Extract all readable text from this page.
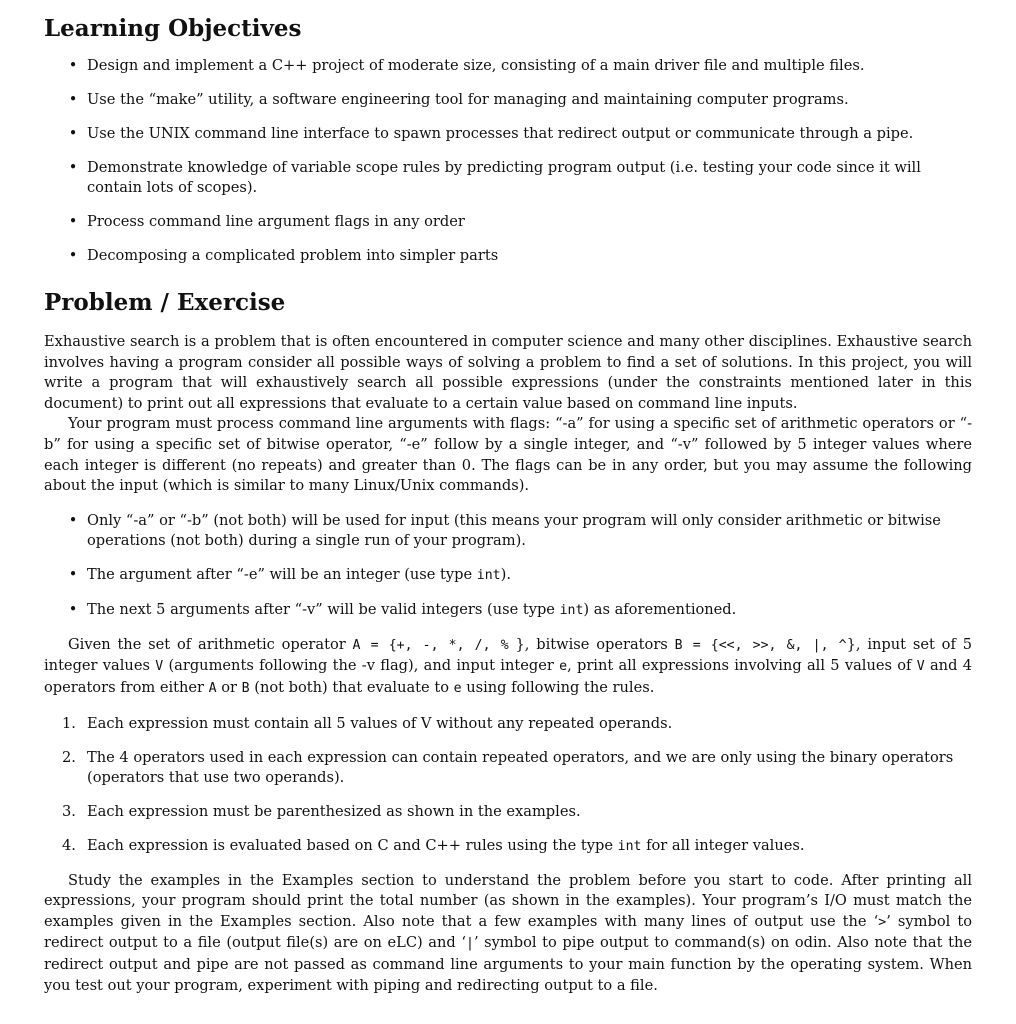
Learning Objectives
• Design and implement a C++ project of moderate size, consisting of a main driver file and multiple files.
• Use the “make” utility, a software engineering tool for managing and maintaining computer programs.
• Use the UNIX command line interface to spawn processes that redirect output or communicate through a pipe.
• Demonstrate knowledge of variable scope rules by predicting program output (i.e. testing your code since it will contain lots of scopes).
• Process command line argument flags in any order
• Decomposing a complicated problem into simpler parts
Problem / Exercise

Exhaustive search is a problem that is often encountered in computer science and many other disciplines. Exhaustive search involves having a program consider all possible ways of solving a problem to find a set of solutions. In this project, you will write a program that will exhaustively search all possible expressions (under the constraints mentioned later in this document) to print out all expressions that evaluate to a certain value based on command line inputs.

Your program must process command line arguments with flags: “-a” for using a specific set of arithmetic operators or “-b” for using a specific set of bitwise operator, “-e” follow by a single integer, and “-v” followed by 5 integer values where each integer is different (no repeats) and greater than 0. The flags can be in any order, but you may assume the following about the input (which is similar to many Linux/Unix commands).

• Only “-a” or “-b” (not both) will be used for input (this means your program will only consider arithmetic or bitwise operations (not both) during a single run of your program).
• The argument after “-e” will be an integer (use type int).
• The next 5 arguments after “-v” will be valid integers (use type int) as aforementioned.

Given the set of arithmetic operator A = {+, -, *, /, % }, bitwise operators B = {<<, >>, &, |, ^}, input set of 5 integer values V (arguments following the -v flag), and input integer e, print all expressions involving all 5 values of V and 4 operators from either A or B (not both) that evaluate to e using following the rules.

1. Each expression must contain all 5 values of V without any repeated operands.
2. The 4 operators used in each expression can contain repeated operators, and we are only using the binary operators (operators that use two operands).
3. Each expression must be parenthesized as shown in the examples.
4. Each expression is evaluated based on C and C++ rules using the type int for all integer values.

Study the examples in the Examples section to understand the problem before you start to code. After printing all expressions, your program should print the total number (as shown in the examples). Your program’s I/O must match the examples given in the Examples section. Also note that a few examples with many lines of output use the ‘>’ symbol to redirect output to a file (output file(s) are on eLC) and ‘|’ symbol to pipe output to command(s) on odin. Also note that the redirect output and pipe are not passed as command line arguments to your main function by the operating system. When you test out your program, experiment with piping and redirecting output to a file.
